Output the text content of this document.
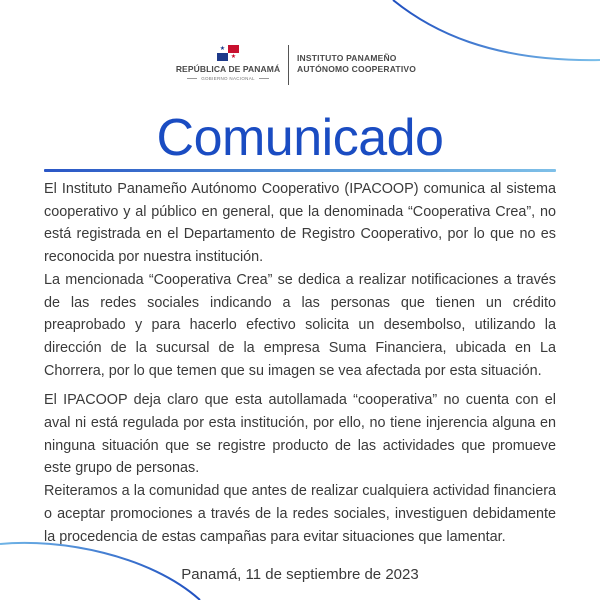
★
★
REPÚBLICA DE PANAMÁ
GOBIERNO NACIONAL
INSTITUTO PANAMEÑO
AUTÓNOMO COOPERATIVO
Comunicado

El Instituto Panameño Autónomo Cooperativo (IPACOOP) comunica al sistema cooperativo y al público en general, que la denominada “Cooperativa Crea”, no está registrada en el Departamento de Registro Cooperativo, por lo que no es reconocida por nuestra institución.

La mencionada “Cooperativa Crea” se dedica a realizar notificaciones a través de las redes sociales indicando a las personas que tienen un crédito preaprobado y para hacerlo efectivo solicita un desembolso, utilizando la dirección de la sucursal de la empresa Suma Financiera, ubicada en La Chorrera, por lo que temen que su imagen se vea afectada por esta situación.

El IPACOOP deja claro que esta autollamada “cooperativa” no cuenta con el aval ni está regulada por esta institución, por ello, no tiene injerencia alguna en ninguna situación que se registre producto de las actividades que promueve este grupo de personas.

Reiteramos a la comunidad que antes de realizar cualquiera actividad financiera o aceptar promociones a través de la redes sociales, investiguen debidamente la procedencia de estas campañas para evitar situaciones que lamentar.

Panamá, 11 de septiembre de 2023
